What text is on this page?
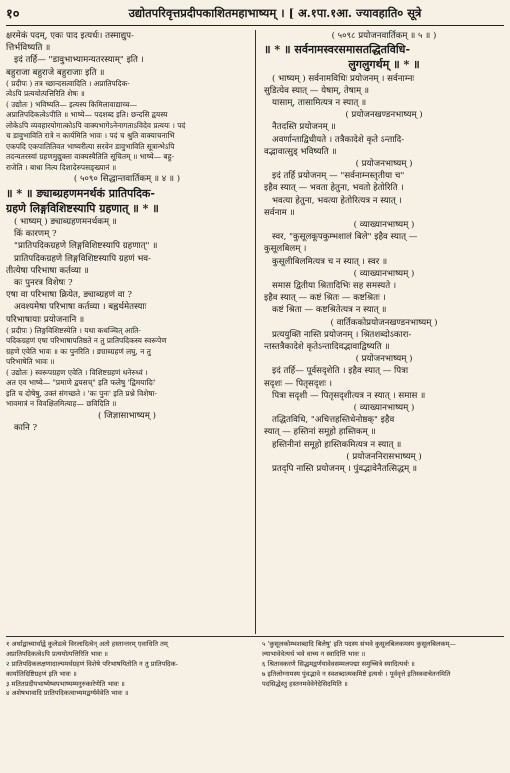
१०	उद्योतपरिवृत्तप्रदीपकाशितमहाभाष्यम् । [ अ.१पा.१आ. ज्यावहाति० सूत्रे
क्षरमेकं पदम्, एकः पाद इत्यर्धः। तस्माद्युप-
त्तिर्भविष्यति ॥
इदं तर्हि— "डावुभाभ्यामन्यतरस्याम्" इति ।
बहुराजा बहुराजे बहुराजाः इति ॥
( प्रदीपः ) तत्र च्छान्दसत्वादिति । अप्रातिपदिक-
त्वेऽपि प्रत्ययोत्पत्तिरिति शेषः ॥
( उद्योतः ) भविष्यति— इत्यस्य किमिलावाद्याच्च—
अप्रातिपदिकत्वेऽपीति ॥ भाष्ये— पदशब्द इति। छन्दसि द्वयस्य
लोकेऽपि व्यवहारयोगात्कोऽपि वाक्यभागेऽनेनागताऽविदेव प्रत्ययः । पदं
च डावुभाविति रात्रे न कार्यमिति भावः । पदं च श्रुति वाक्याचनाभि
एकपदि एकपातितिवत भाष्यरीत्या सरवेन डावुभाविति सूत्रान्भेऽपि
तदन्यतरस्यां ग्रहणमुद्युक्ता वाक्यस्यैतिति सूचितम् ॥ भाष्ये— बहु-
राजेति । बाधा नित्य दिशादेरुपसङ्ख्यानं ॥
( ५०९० सिद्धान्तवार्तिकम् ॥ ४ ॥ )
॥ * ॥ ङ्याब्ग्रहणमनर्थकं प्रातिपदिक-
ग्रहणे लिङ्गविशिष्टस्यापि ग्रहणात् ॥ * ॥
( भाष्यम् ) ङ्याब्ग्रहणमनर्थकम् ॥
किं कारणम् ?
"प्रातिपदिकग्रहणे लिङ्गविशिष्टस्यापि ग्रहणात्" ॥
प्रातिपदिकग्रहणे लिङ्गविशिष्टस्यापि ग्रहणं भव-
तीत्येषा परिभाषा कर्तव्या ॥
कः पुनरत्र विशेषः ?
एषा वा परिभाषा क्रियेत, ङ्याब्ग्रहणं वा ?
अवश्यमेषा परिभाषा कर्तव्या । बह्वर्थमेतस्याः
परिभाषायाः प्रयोजनानि ॥
( प्रदीपः ) लिङ्गविशिष्टस्येति । यथा कथञ्चित् आति-
पदिकग्रहणं एषा परिभाषापतिष्ठते न तु प्रातिपदिकस्य स्वरूपेण
ग्रहणे एवेति भावः ॥ कः पुनरिति । ङ्याब्ग्रहणं लघु, न तु
परिभाषेति भावः ॥
( उद्योतः ) स्वरूपग्रहण एवेति । विशिष्टग्रहणं धनेरुध्वं ।
अत एव भाष्ये— "प्रमाणे द्वयसच्" इति फलेषु 'द्विमयादिः'
इति च दोषेषु, उक्तं संगच्छते । 'कः पुनः' इति प्रश्ने विशेषा-
भावमात्रं न विवक्षितमित्याह— छविदिति ॥
( जिज्ञासाभाष्यम् )
कानि ?
( ५०९८ प्रयोजनवार्तिकम् ॥ ५ ॥ )
॥ * ॥ सर्वनामस्वरसमासतद्धितविधि-
लुगलुगर्थम् ॥ * ॥
( भाष्यम् ) सर्वनामविधिः प्रयोजनम् । सर्वनाम्नः
सुडित्येव स्यात् — येषाम्, तेषाम् ॥
यासाम्, तासामित्यत्र न स्यात् ॥
( प्रयोजनखण्डनभाष्यम् )
नैतदस्ति प्रयोजनम् ॥
अवर्णान्ताद्विधीयते । तत्रैकादेशे कृते ऽन्तादि-
वद्भावात्सुड् भविष्यति ॥
( प्रयोजनभाष्यम् )
इदं तर्हि प्रयोजनम् — "सर्वनाम्नस्तृतीया च"
इहैव स्यात् — भवता हेतुना, भवतो हेतोरिति ।
भवत्या हेतुना, भवत्या हेतोरित्यत्र न स्यात् ।
सर्वनाम ॥
( व्याख्यानभाष्यम् )
स्वर, "कुसूलकूपकुम्भशालं बिले" इहैव स्यात् —
कुसूलबिलम् ।
कुसूलीबिलमित्यत्र च न स्यात् । स्वर ॥
( व्याख्यानभाष्यम् )
समास द्वितीया श्रितादिभिः सह समस्यते ।
इहैव स्यात् — कष्टं श्रितः — कष्टश्रितः ।
कष्टं श्रिता — कष्टश्रितेत्यत्र न स्यात् ॥
( वार्तिककोप्रयोजनखण्डनभाष्यम् )
प्रत्ययुक्ति नास्ति प्रयोजनम् । श्रितशब्दोऽकारा-
न्तस्तत्रैकादेशे कृतेऽन्तादिवद्भावाद्विष्यति ॥
( प्रयोजनभाष्यम् )
इदं तर्हि— पूर्वसदृशेति । इहैव स्यात् — पित्रा
सदृशः — पितृसदृशः ।
पित्रा सदृशी — पितृसदृशीत्यत्र न स्यात् । समास ॥
( व्याख्यानभाष्यम् )
तद्धितविधि, "अचित्तहस्तिधेनोष्ठक्" इहैव
स्यात् — हस्तिनां समूहो हास्तिकम् ॥
हस्तिनीनां समूहो हास्तिकमित्यत्र न स्यात् ॥
( प्रयोजननिरासभाष्यम् )
प्रतद्पि नास्ति प्रयोजनम् । पुंवद्भावेनैतत्सिद्धम् ॥
१ अर्थाद्वाच्यार्थाद्वे कुलेडत्वे विरलादित्वेन् अतो हस्तान्तरम् एवाधिति तम्
अप्रातिपदिकत्वेऽपि प्रत्ययोत्पत्तिरिति भावः ॥
२ प्रातिपदिकलक्षणादाल्यमर्थग्रहणं विशेषे परिभाषयितोति न तु प्रातिपदिक-
कार्यातिदिष्टिग्रहणं इति भावः ॥
३ मतितप्रदीपभाष्येष्वपभाष्यम्मनुरुकारेणेति भावः ॥
४ अशेषभावादि प्रातिपदिकत्वाभ्यमद्वर्ग्यमेवेति भावः ॥
५ 'कुसूलकोम्भशब्दादि बिलेषु' इति पदस्य संभवे कुसूलबिलकमस्य कुसूलबिलकम्—
ल्याभावेवेत्यर्थ भवे वाच्य न स्वादित्ति भावः ॥
६ श्रितावकरणे सिद्धमद्वर्णयावेवसम्मलपद्मा समुच्चित्रे स्यादित्यर्थः ॥
७ इतिलोग्नामस्य पुंवद्भावे न स्वशब्दात्मकमिष्टे इत्यर्थः । पूर्ववृत्ते इतिस्त्रवाचेतनमिति
पदसिद्धेस्तु हस्तनमवेवेनेदेसिदमिति ॥
